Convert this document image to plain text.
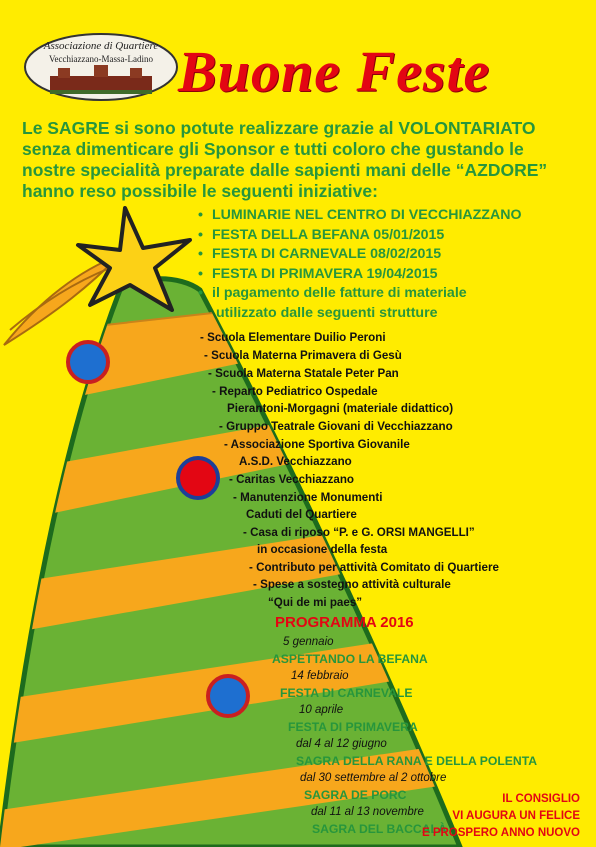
Associazione di Quartiere
Vecchiazzano-Massa-Ladino Buone Feste

Le SAGRE si sono potute realizzare grazie al VOLONTARIATO senza dimenticare gli Sponsor e tutti coloro che gustando le nostre specialità preparate dalle sapienti mani delle “AZDORE” hanno reso possibile le seguenti iniziative:

• LUMINARIE NEL CENTRO DI VECCHIAZZANO
• FESTA DELLA BEFANA 05/01/2015
• FESTA DI CARNEVALE 08/02/2015
• FESTA DI PRIMAVERA 19/04/2015
• il pagamento delle fatture di materiale
utilizzato dalle seguenti strutture
- Scuola Elementare Duilio Peroni
- Scuola Materna Primavera di Gesù
- Scuola Materna Statale Peter Pan
- Reparto Pediatrico Ospedale
Pierantoni-Morgagni (materiale didattico)
- Gruppo Teatrale Giovani di Vecchiazzano
- Associazione Sportiva Giovanile
A.S.D. Vecchiazzano
- Caritas Vecchiazzano
- Manutenzione Monumenti
Caduti del Quartiere
- Casa di riposo “P. e G. ORSI MANGELLI”
in occasione della festa
- Contributo per attività Comitato di Quartiere
- Spese a sostegno attività culturale
“Qui de mi paes”
PROGRAMMA 2016
5 gennaio
ASPETTANDO LA BEFANA
14 febbraio
FESTA DI CARNEVALE
10 aprile
FESTA DI PRIMAVERA
dal 4 al 12 giugno
SAGRA DELLA RANA E DELLA POLENTA
dal 30 settembre al 2 ottobre
SAGRA DE PORC
dal 11 al 13 novembre
SAGRA DEL BACCALÀ
IL CONSIGLIO
VI AUGURA UN FELICE
E PROSPERO ANNO NUOVO
